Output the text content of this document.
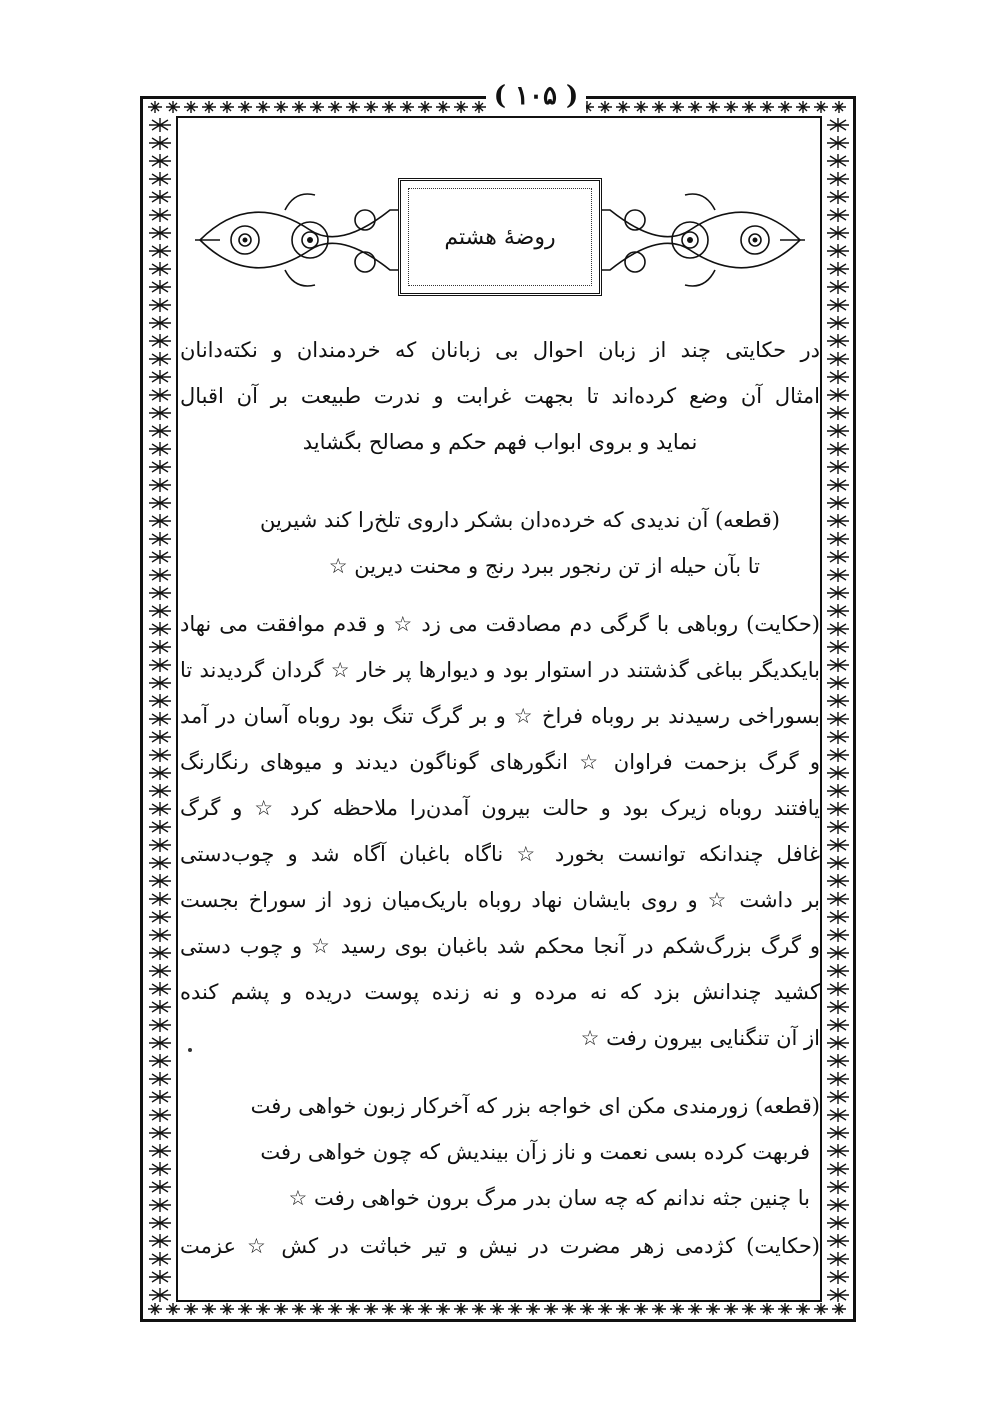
( ۱۰۵ )
روضهٔ هشتم
در حکایتی چند از زبان احوال بی زبانان که خردمندان و نکته‌دانان
امثال آن وضع کرده‌اند تا بجهت غرابت و ندرت طبیعت بر آن اقبال
نماید و بروی ابواب فهم حکم و مصالح بگشاید
(قطعه) آن ندیدی که خرده‌دان بشکر داروی تلخ‌را کند شیرین
تا بآن حیله از تن رنجور ببرد رنج و محنت دیرین ☆
(حکایت) روباهی با گرگی دم مصادقت می زد ☆ و قدم موافقت می نهاد
بایکدیگر بباغی گذشتند در استوار بود و دیوارها پر خار ☆ گردان گردیدند تا
بسوراخی رسیدند بر روباه فراخ ☆ و بر گرگ تنگ بود روباه آسان در آمد
و گرگ بزحمت فراوان ☆ انگورهای گوناگون دیدند و میوهای رنگارنگ
یافتند روباه زیرک بود و حالت بیرون آمدن‌را ملاحظه کرد ☆ و گرگ
غافل چندانکه توانست بخورد ☆ ناگاه باغبان آگاه شد و چوب‌دستی
بر داشت ☆ و روی بایشان نهاد روباه باریک‌میان زود از سوراخ بجست
و گرگ بزرگ‌شکم در آنجا محکم شد باغبان بوی رسید ☆ و چوب دستی
کشید چندانش بزد که نه مرده و نه زنده پوست دریده و پشم کنده
از آن تنگنایی بیرون رفت ☆
(قطعه) زورمندی مکن ای خواجه بزر که آخرکار زبون خواهی رفت
فربهت کرده بسی نعمت و ناز زآن بیندیش که چون خواهی رفت
با چنین جثه ندانم که چه سان بدر مرگ برون خواهی رفت ☆
(حکایت) کژدمی زهر مضرت در نیش و تیر خباثت در کش ☆ عزمت
